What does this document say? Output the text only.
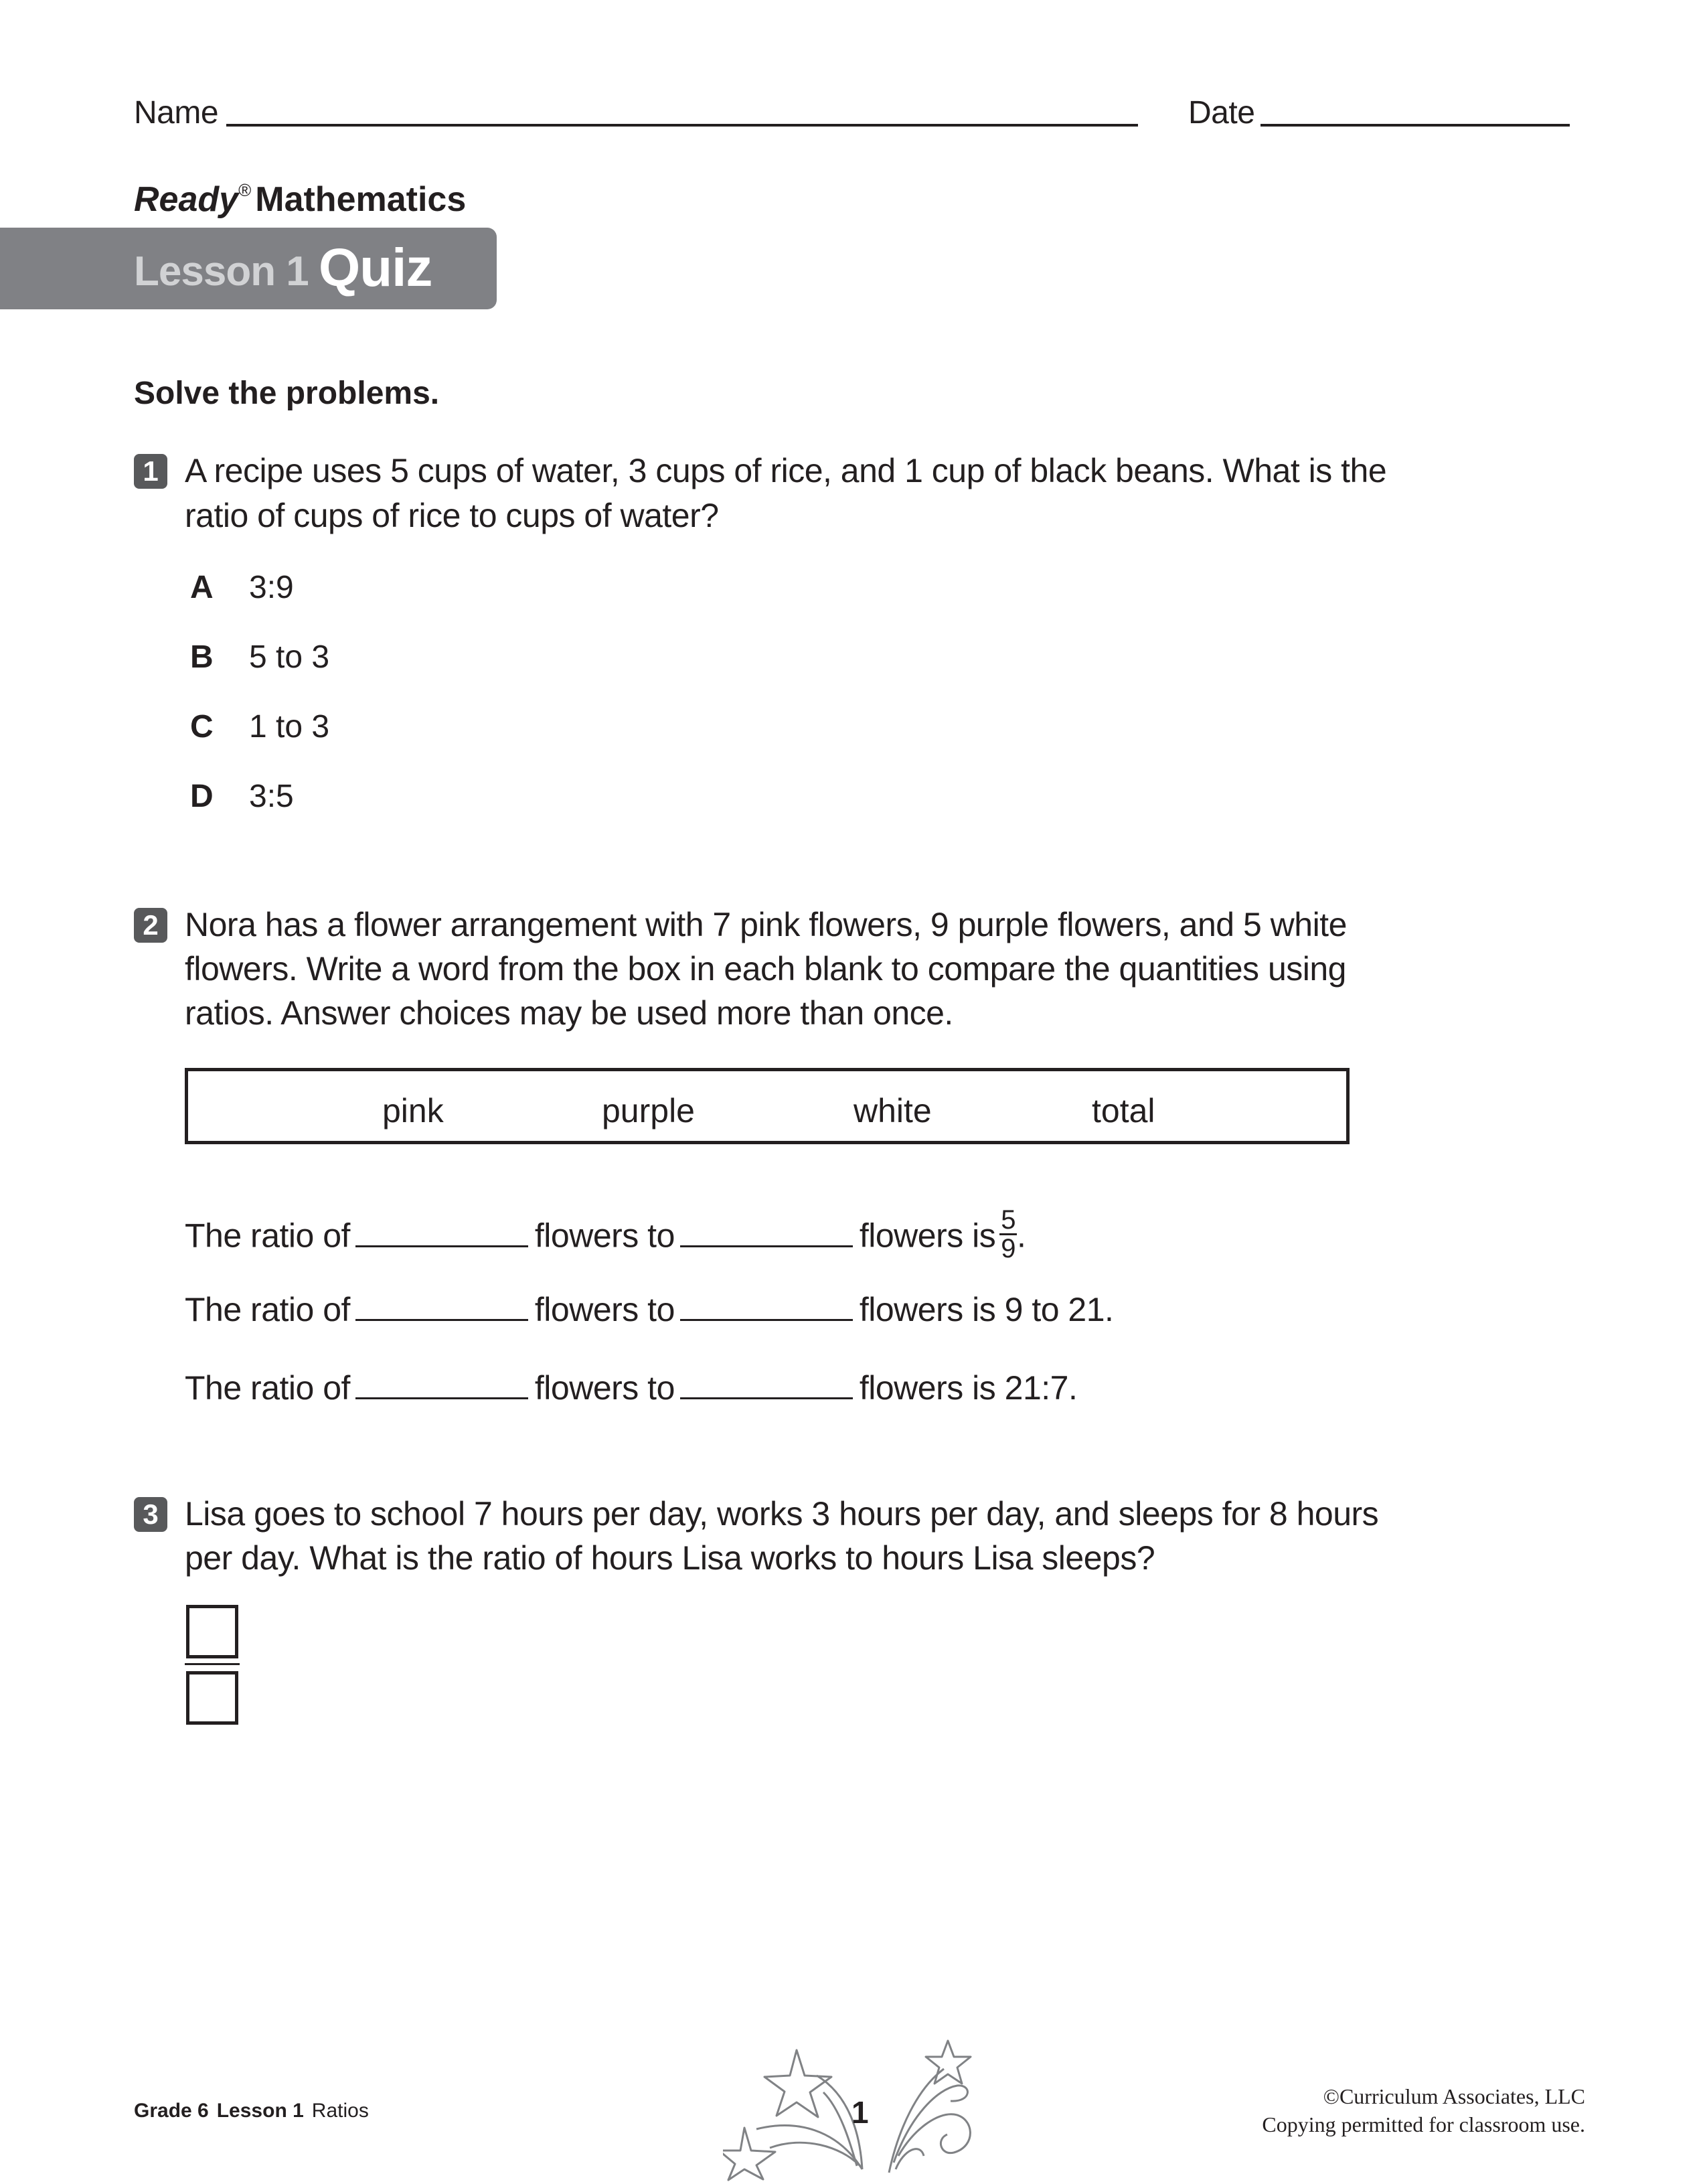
Name	Date
Ready® Mathematics
Lesson 1 Quiz
Solve the problems.
1 A recipe uses 5 cups of water, 3 cups of rice, and 1 cup of black beans. What is the
ratio of cups of rice to cups of water?
A 3:9
B 5 to 3
C 1 to 3
D 3:5
2 Nora has a flower arrangement with 7 pink flowers, 9 purple flowers, and 5 white
flowers. Write a word from the box in each blank to compare the quantities using
ratios. Answer choices may be used more than once.
pink	purple	white	total
The ratio of	flowers to	flowers is $\frac{5}{9}$ .
The ratio of	flowers to	flowers is 9 to 21.
The ratio of	flowers to	flowers is 21:7.
3 Lisa goes to school 7 hours per day, works 3 hours per day, and sleeps for 8 hours
per day. What is the ratio of hours Lisa works to hours Lisa sleeps?
Grade 6 Lesson 1 Ratios	1	©Curriculum Associates, LLC
Copying permitted for classroom use.
